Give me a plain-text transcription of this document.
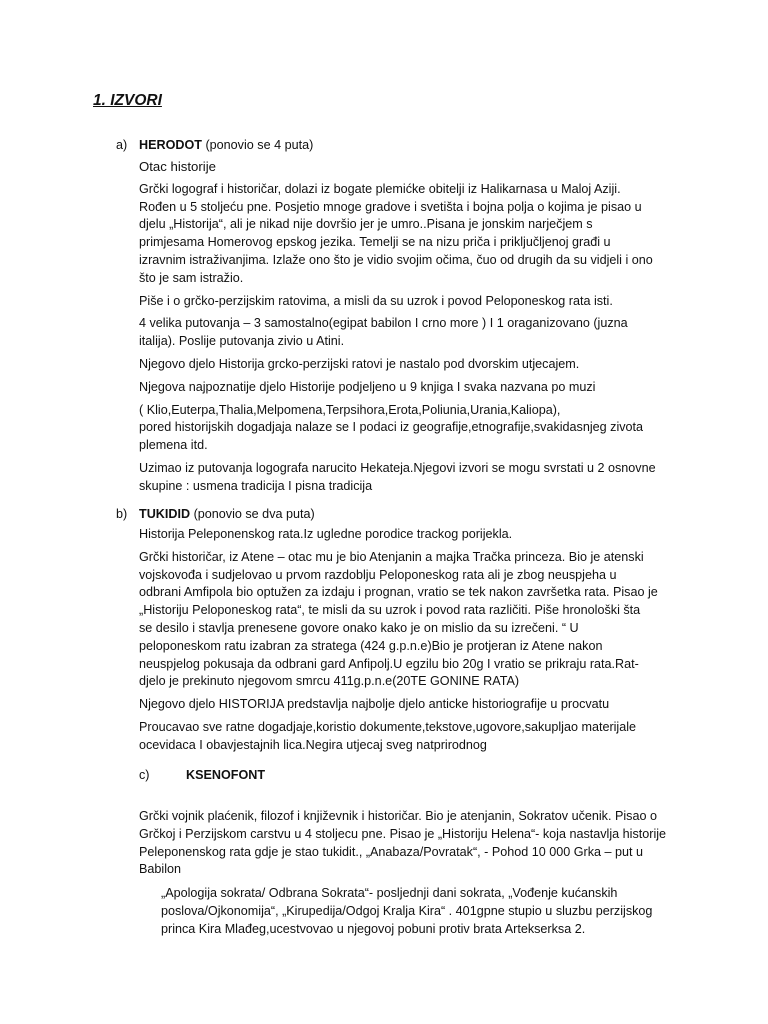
1. IZVORI
a) HERODOT (ponovio se 4 puta)

Otac historije

Grčki logograf i historičar, dolazi iz bogate plemićke obitelji iz Halikarnasa u Maloj Aziji.

Rođen u 5 stoljeću pne. Posjetio mnoge gradove i svetišta i bojna polja o kojima je pisao u

djelu „Historija“, ali je nikad nije dovršio jer je umro..Pisana je jonskim narječjem s

primjesama Homerovog epskog jezika. Temelji se na nizu priča i priključljenoj građi u

izravnim istraživanjima. Izlaže ono što je vidio svojim očima, čuo od drugih da su vidjeli i ono

što je sam istražio.

Piše i o grčko-perzijskim ratovima, a misli da su uzrok i povod Peloponeskog rata isti.

4 velika putovanja – 3 samostalno(egipat babilon I crno more ) I 1 oraganizovano (juzna

italija). Poslije putovanja zivio u Atini.

Njegovo djelo Historija grcko-perzijski ratovi je nastalo pod dvorskim utjecajem.

Njegova najpoznatije djelo Historije podjeljeno u 9 knjiga I svaka nazvana po muzi

( Klio,Euterpa,Thalia,Melpomena,Terpsihora,Erota,Poliunia,Urania,Kaliopa),

pored historijskih dogadjaja nalaze se I podaci iz geografije,etnografije,svakidasnjeg zivota

plemena itd.

Uzimao iz putovanja logografa narucito Hekateja.Njegovi izvori se mogu svrstati u 2 osnovne

skupine : usmena tradicija I pisna tradicija

b) TUKIDID (ponovio se dva puta)

Historija Peleponenskog rata.Iz ugledne porodice trackog porijekla.

Grčki historičar, iz Atene – otac mu je bio Atenjanin a majka Tračka princeza. Bio je atenski

vojskovođa i sudjelovao u prvom razdoblju Peloponeskog rata ali je zbog neuspjeha u

odbrani Amfipola bio optužen za izdaju i prognan, vratio se tek nakon završetka rata. Pisao je

„Historiju Peloponeskog rata“, te misli da su uzrok i povod rata različiti. Piše hronološki šta

se desilo i stavlja prenesene govore onako kako je on mislio da su izrečeni. “ U

peloponeskom ratu izabran za stratega (424 g.p.n.e)Bio je protjeran iz Atene nakon

neuspjelog pokusaja da odbrani gard Anfipolj.U egzilu bio 20g I vratio se prikraju rata.Rat-

djelo je prekinuto njegovom smrcu 411g.p.n.e(20TE GONINE RATA)

Njegovo djelo HISTORIJA predstavlja najbolje djelo anticke historiografije u procvatu

Proucavao sve ratne dogadjaje,koristio dokumente,tekstove,ugovore,sakupljao materijale

ocevidaca I obavjestajnih lica.Negira utjecaj sveg natprirodnog

c)	KSENOFONT

Grčki vojnik plaćenik, filozof i književnik i historičar. Bio je atenjanin, Sokratov učenik. Pisao o

Grčkoj i Perzijskom carstvu u 4 stoljecu pne. Pisao je „Historiju Helena“- koja nastavlja historije

Peleponenskog rata gdje je stao tukidit., „Anabaza/Povratak“, - Pohod 10 000 Grka – put u

Babilon

„Apologija sokrata/ Odbrana Sokrata“- posljednji dani sokrata, „Vođenje kućanskih

poslova/Ojkonomija“, „Kirupedija/Odgoj Kralja Kira“ . 401gpne stupio u sluzbu perzijskog

princa Kira Mlađeg,ucestvovao u njegovoj pobuni protiv brata Artekserksa 2.
